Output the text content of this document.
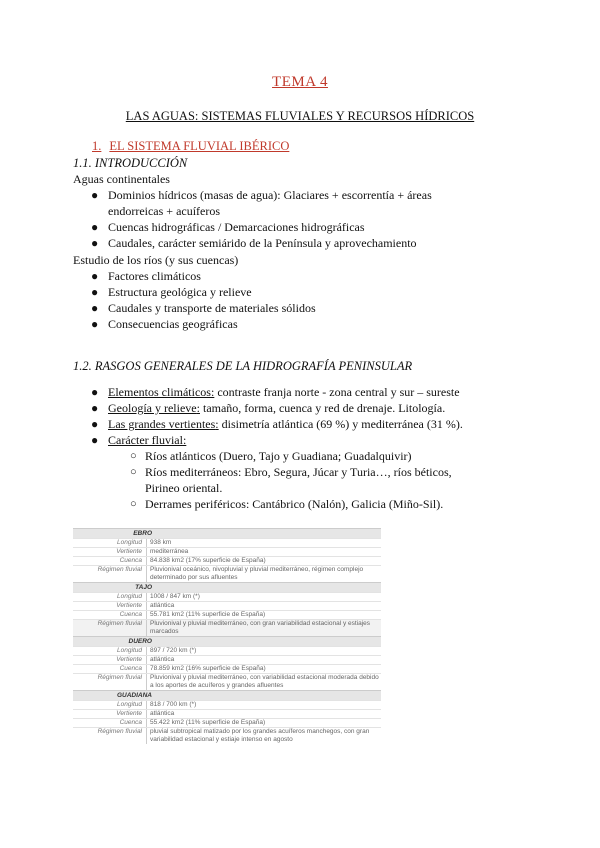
TEMA 4
LAS AGUAS: SISTEMAS FLUVIALES Y RECURSOS HÍDRICOS
1. EL SISTEMA FLUVIAL IBÉRICO
1.1. INTRODUCCIÓN
Aguas continentales
● Dominios hídricos (masas de agua): Glaciares + escorrentía + áreas endorreicas + acuíferos
● Cuencas hidrográficas / Demarcaciones hidrográficas
● Caudales, carácter semiárido de la Península y aprovechamiento
Estudio de los ríos (y sus cuencas)
● Factores climáticos
● Estructura geológica y relieve
● Caudales y transporte de materiales sólidos
● Consecuencias geográficas
1.2. RASGOS GENERALES DE LA HIDROGRAFÍA PENINSULAR
● Elementos climáticos: contraste franja norte - zona central y sur – sureste
● Geología y relieve: tamaño, forma, cuenca y red de drenaje. Litología.
● Las grandes vertientes: disimetría atlántica (69 %) y mediterránea (31 %).
● Carácter fluvial:
○ Ríos atlánticos (Duero, Tajo y Guadiana; Guadalquivir)
○ Ríos mediterráneos: Ebro, Segura, Júcar y Turia…, ríos béticos, Pirineo oriental.
○ Derrames periféricos: Cantábrico (Nalón), Galicia (Miño-Sil).
EBRO
Longitud	938 km
Vertiente	mediterránea
Cuenca	84.838 km2 (17% superficie de España)
Régimen fluvial	Pluvionival oceánico, nivopluvial y pluvial mediterráneo, régimen complejo determinado por sus afluentes
TAJO
Longitud	1008 / 847 km (*)
Vertiente	atlántica
Cuenca	55.781 km2 (11% superficie de España)
Régimen fluvial	Pluvionival y pluvial mediterráneo, con gran variabilidad estacional y estiajes marcados
DUERO
Longitud	897 / 720 km (*)
Vertiente	atlántica
Cuenca	78.859 km2 (16% superficie de España)
Régimen fluvial	Pluvionival y pluvial mediterráneo, con variabilidad estacional moderada debido a los aportes de acuíferos y grandes afluentes
GUADIANA
Longitud	818 / 700 km (*)
Vertiente	atlántica
Cuenca	55.422 km2 (11% superficie de España)
Régimen fluvial	pluvial subtropical matizado por los grandes acuíferos manchegos, con gran variabilidad estacional y estiaje intenso en agosto
